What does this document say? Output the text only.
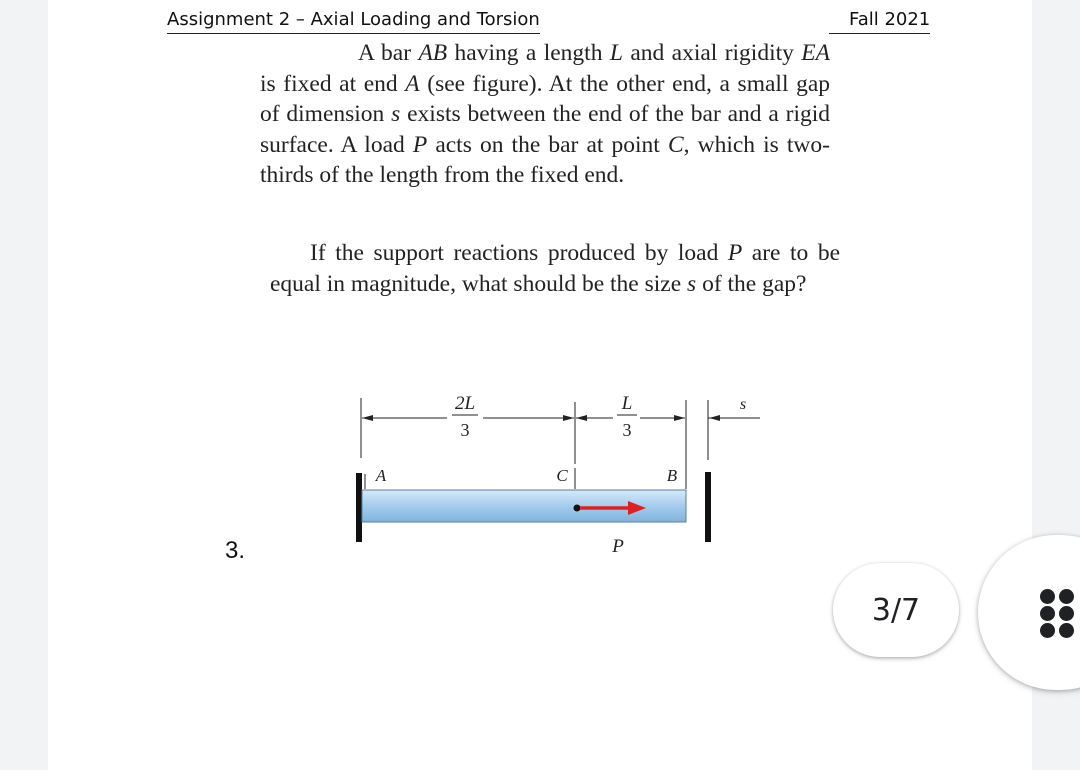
Assignment 2 – Axial Loading and Torsion	Fall 2021

A bar AB having a length L and axial rigidity EA is fixed at end A (see figure). At the other end, a small gap of dimension s exists between the end of the bar and a rigid surface. A load P acts on the bar at point C, which is two-thirds of the length from the fixed end.

If the support reactions produced by load P are to be equal in magnitude, what should be the size s of the gap?

3.
2L
3
L
3
s
A	C	B
P
3/7
